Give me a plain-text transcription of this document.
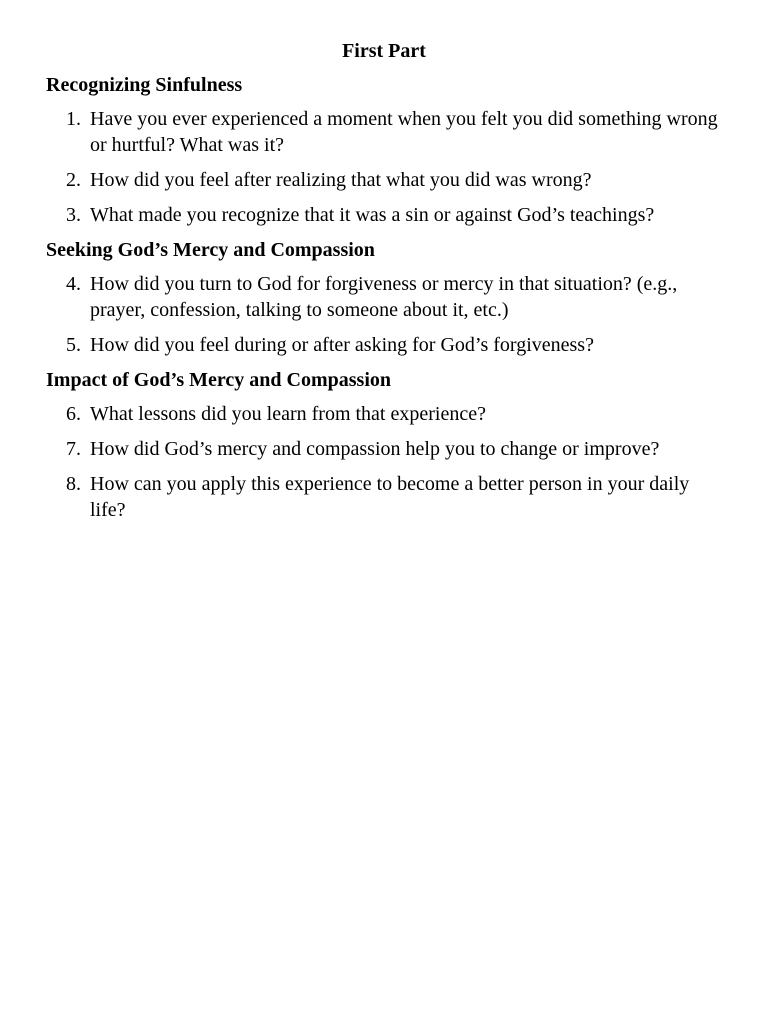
First Part
Recognizing Sinfulness
1. Have you ever experienced a moment when you felt you did something wrong or hurtful? What was it?
2. How did you feel after realizing that what you did was wrong?
3. What made you recognize that it was a sin or against God’s teachings?
Seeking God’s Mercy and Compassion
4. How did you turn to God for forgiveness or mercy in that situation? (e.g., prayer, confession, talking to someone about it, etc.)
5. How did you feel during or after asking for God’s forgiveness?
Impact of God’s Mercy and Compassion
6. What lessons did you learn from that experience?
7. How did God’s mercy and compassion help you to change or improve?
8. How can you apply this experience to become a better person in your daily life?
